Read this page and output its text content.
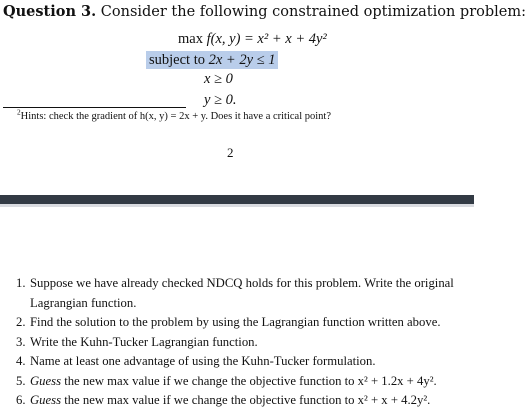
Question 3. Consider the following constrained optimization problem:
max f(x, y) = x² + x + 4y²
subject to 2x + 2y ≤ 1
x ≥ 0
y ≥ 0.
$^2$Hints: check the gradient of h(x, y) = 2x + y. Does it have a critical point?
2
1. Suppose we have already checked NDCQ holds for this problem. Write the original Lagrangian function.
2. Find the solution to the problem by using the Lagrangian function written above.
3. Write the Kuhn-Tucker Lagrangian function.
4. Name at least one advantage of using the Kuhn-Tucker formulation.
5. Guess the new max value if we change the objective function to x² + 1.2x + 4y².
6. Guess the new max value if we change the objective function to x² + x + 4.2y².
